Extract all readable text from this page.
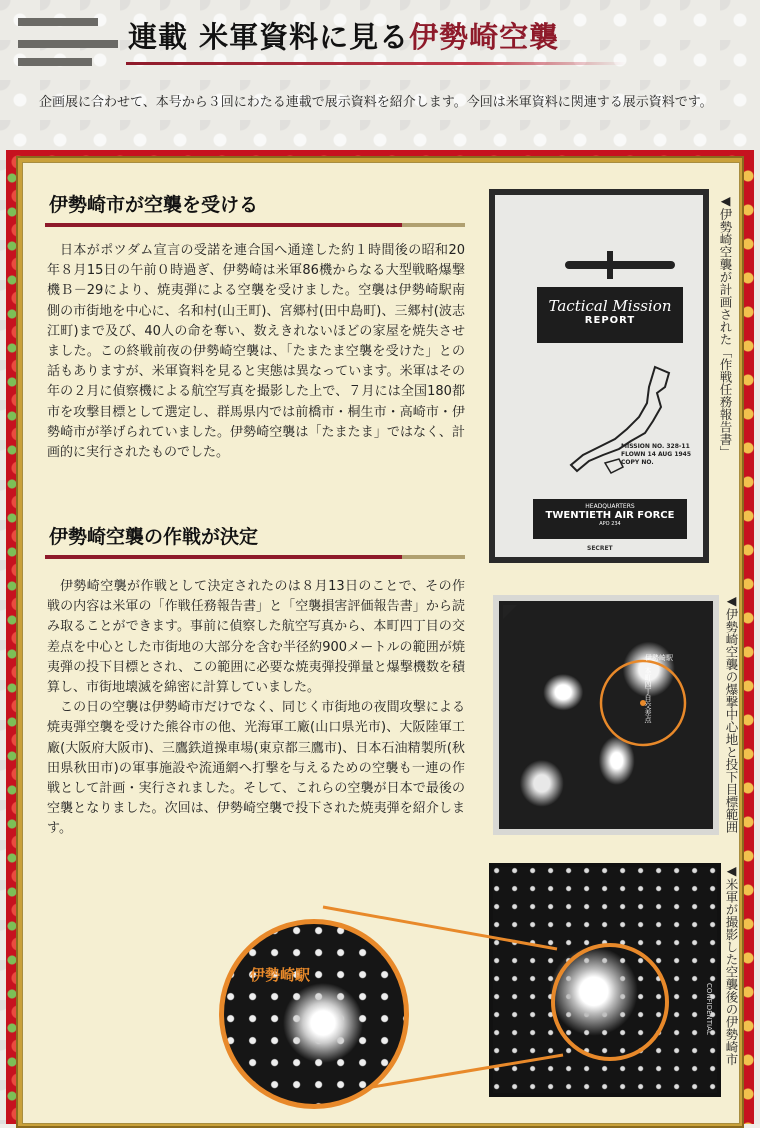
連載 米軍資料に見る伊勢崎空襲
企画展に合わせて、本号から３回にわたる連載で展示資料を紹介します。今回は米軍資料に関連する展示資料です。
伊勢崎市が空襲を受ける

日本がポツダム宣言の受諾を連合国へ通達した約１時間後の昭和20年８月15日の午前０時過ぎ、伊勢崎は米軍86機からなる大型戦略爆撃機Ｂ－29により、焼夷弾による空襲を受けました。空襲は伊勢崎駅南側の市街地を中心に、名和村(山王町)、宮郷村(田中島町)、三郷村(波志江町)まで及び、40人の命を奪い、数えきれないほどの家屋を焼失させました。この終戦前夜の伊勢崎空襲は、「たまたま空襲を受けた」との話もありますが、米軍資料を見ると実態は異なっています。米軍はその年の２月に偵察機による航空写真を撮影した上で、７月には全国180都市を攻撃目標として選定し、群馬県内では前橋市・桐生市・高崎市・伊勢崎市が挙げられていました。伊勢崎空襲は「たまたま」ではなく、計画的に実行されたものでした。

伊勢崎空襲の作戦が決定

伊勢崎空襲が作戦として決定されたのは８月13日のことで、その作戦の内容は米軍の「作戦任務報告書」と「空襲損害評価報告書」から読み取ることができます。事前に偵察した航空写真から、本町四丁目の交差点を中心とした市街地の大部分を含む半径約900メートルの範囲が焼夷弾の投下目標とされ、この範囲に必要な焼夷弾投弾量と爆撃機数を積算し、市街地壊滅を綿密に計算していました。

この日の空襲は伊勢崎市だけでなく、同じく市街地の夜間攻撃による焼夷弾空襲を受けた熊谷市の他、光海軍工廠(山口県光市)、大阪陸軍工廠(大阪府大阪市)、三鷹鉄道操車場(東京都三鷹市)、日本石油精製所(秋田県秋田市)の軍事施設や流通網へ打撃を与えるための空襲も一連の作戦として計画・実行されました。そして、これらの空襲が日本で最後の空襲となりました。次回は、伊勢崎空襲で投下された焼夷弾を紹介します。

Tactical Mission
REPORT
MISSION NO. 328-11
FLOWN 14 AUG 1945
COPY NO.
HEADQUARTERS
TWENTIETH AIR FORCE
APO 234
SECRET
◀伊勢崎空襲が計画された「作戦任務報告書」
伊勢崎駅
本町四丁目交差点	◀伊勢崎空襲の爆撃中心地と投下目標範囲
CONFIDENTIAL ◀米軍が撮影した空襲後の伊勢崎市
伊勢崎駅
